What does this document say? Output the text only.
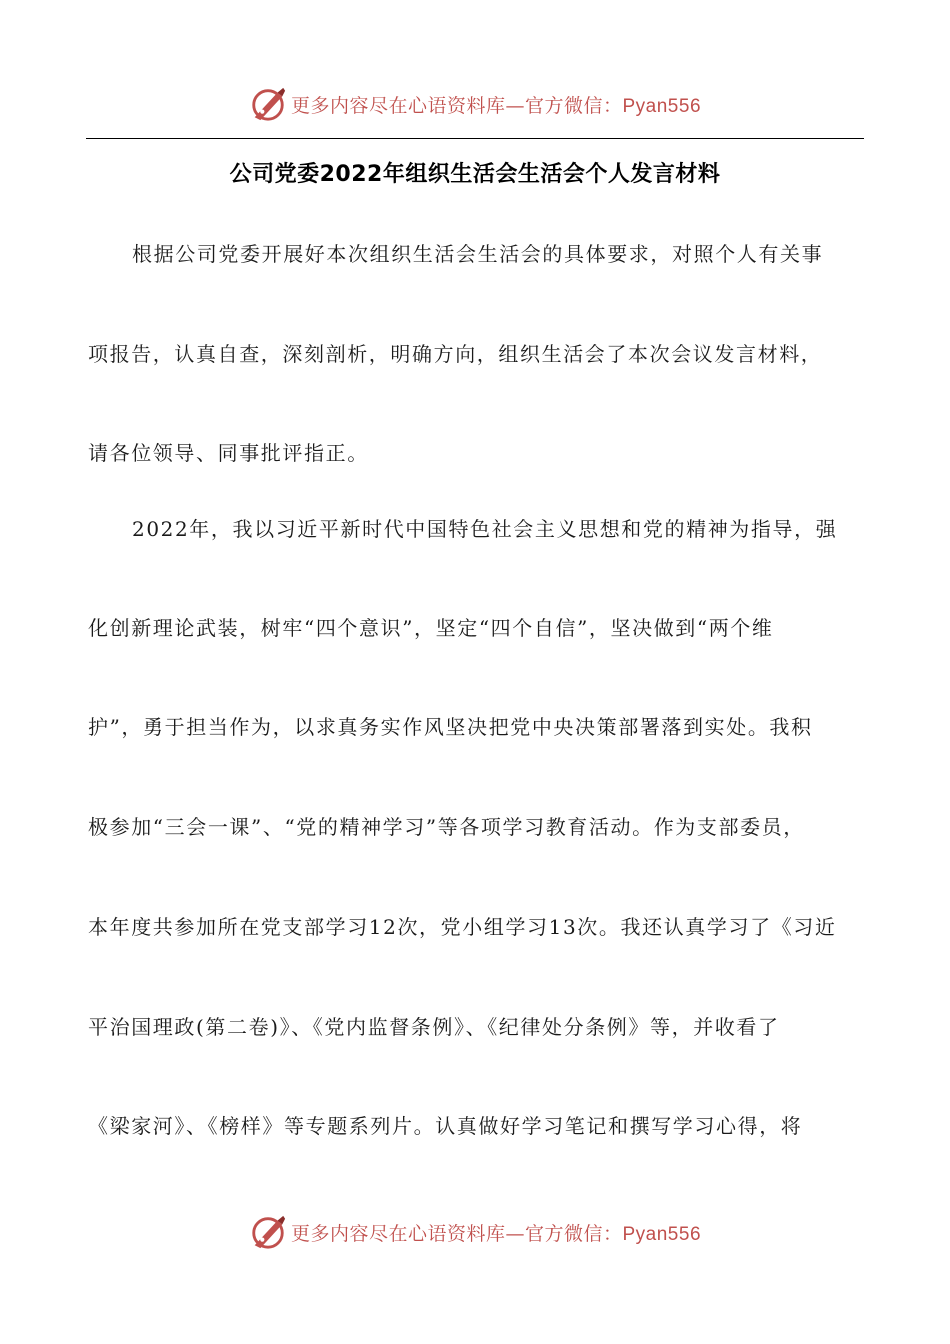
更多内容尽在心语资料库—官方微信：Pyan556
公司党委2022年组织生活会生活会个人发言材料
根据公司党委开展好本次组织生活会生活会的具体要求，对照个人有关事
项报告，认真自查，深刻剖析，明确方向，组织生活会了本次会议发言材料，
请各位领导、同事批评指正。
2022年，我以习近平新时代中国特色社会主义思想和党的精神为指导，强
化创新理论武装，树牢“四个意识”，坚定“四个自信”，坚决做到“两个维
护”，勇于担当作为，以求真务实作风坚决把党中央决策部署落到实处。我积
极参加“三会一课”、“党的精神学习”等各项学习教育活动。作为支部委员，
本年度共参加所在党支部学习12次，党小组学习13次。我还认真学习了《习近
平治国理政(第二卷)》、《党内监督条例》、《纪律处分条例》等，并收看了
《梁家河》、《榜样》等专题系列片。认真做好学习笔记和撰写学习心得，将
更多内容尽在心语资料库—官方微信：Pyan556
